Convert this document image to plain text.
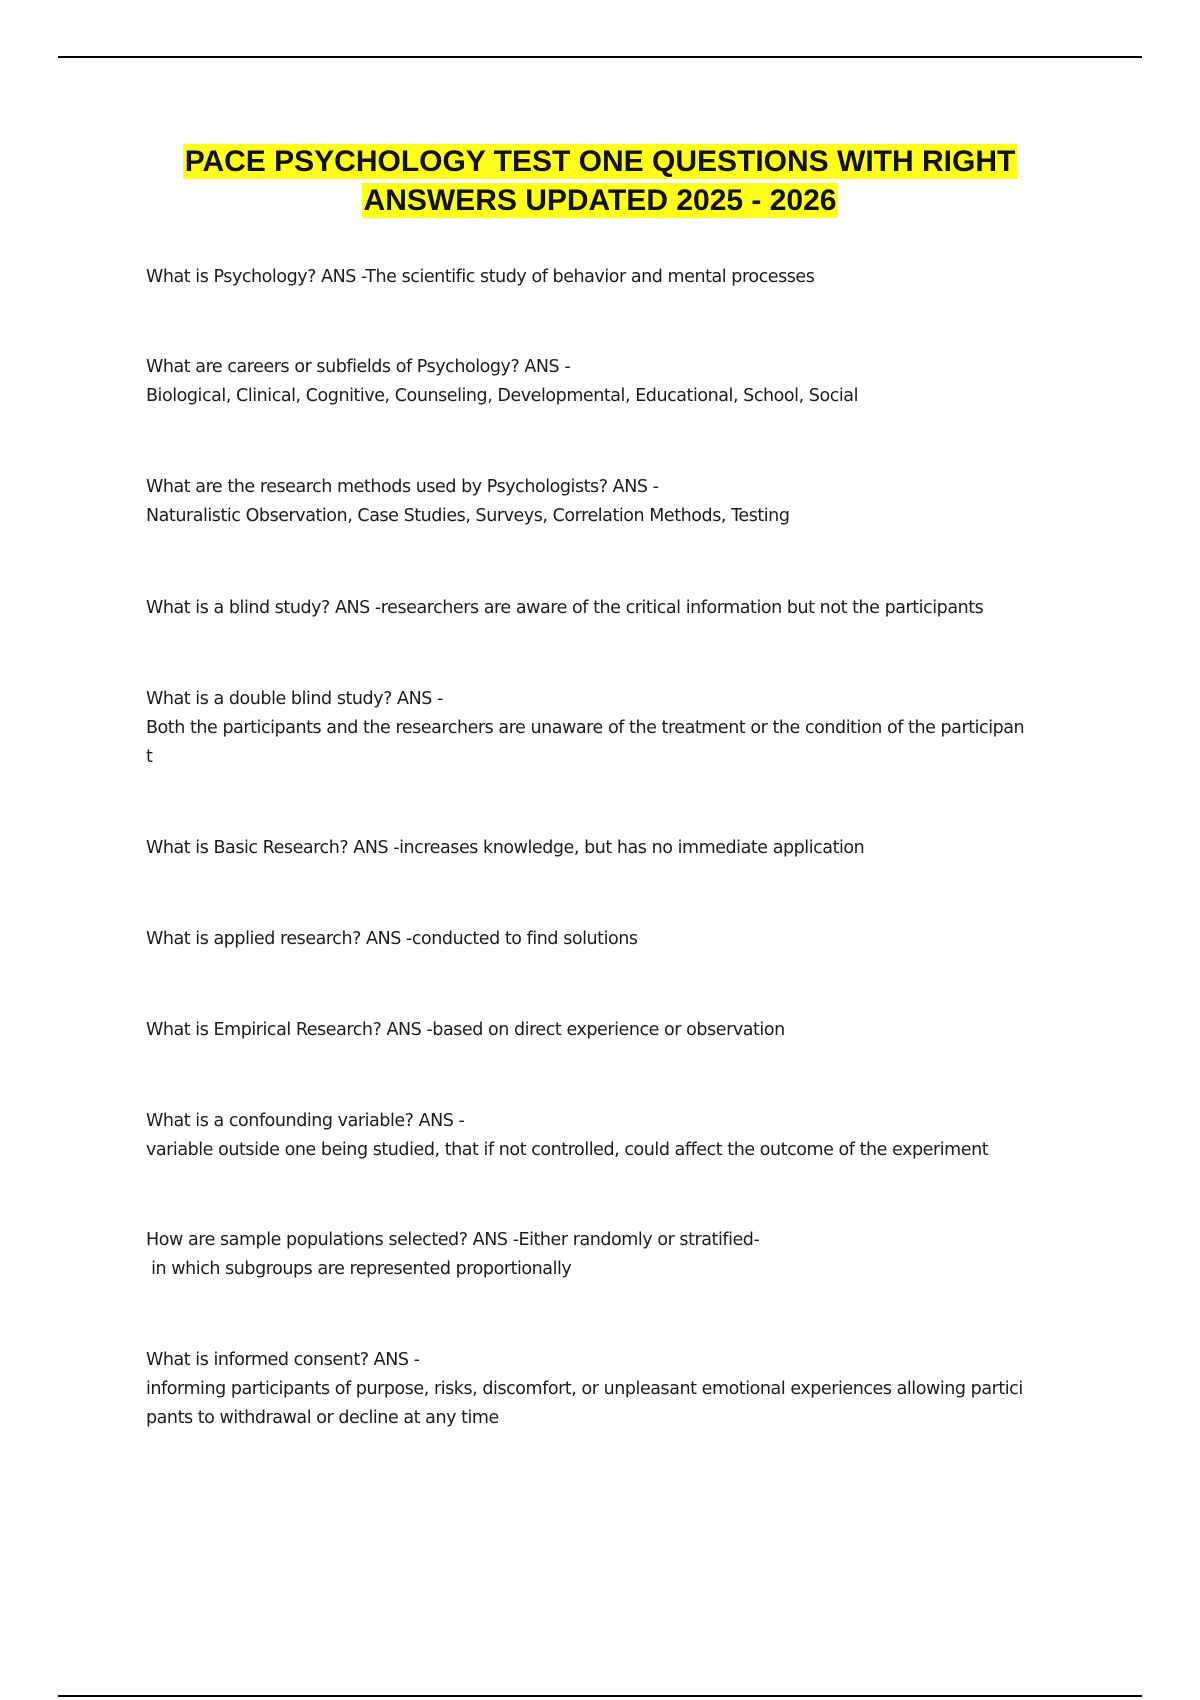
PACE PSYCHOLOGY TEST ONE QUESTIONS WITH RIGHT
ANSWERS UPDATED 2025 - 2026
What is Psychology? ANS -The scientific study of behavior and mental processes
What are careers or subfields of Psychology? ANS -
Biological, Clinical, Cognitive, Counseling, Developmental, Educational, School, Social
What are the research methods used by Psychologists? ANS -
Naturalistic Observation, Case Studies, Surveys, Correlation Methods, Testing
What is a blind study? ANS -researchers are aware of the critical information but not the participants
What is a double blind study? ANS -
Both the participants and the researchers are unaware of the treatment or the condition of the participan
t
What is Basic Research? ANS -increases knowledge, but has no immediate application
What is applied research? ANS -conducted to find solutions
What is Empirical Research? ANS -based on direct experience or observation
What is a confounding variable? ANS -
variable outside one being studied, that if not controlled, could affect the outcome of the experiment
How are sample populations selected? ANS -Either randomly or stratified-
in which subgroups are represented proportionally
What is informed consent? ANS -
informing participants of purpose, risks, discomfort, or unpleasant emotional experiences allowing partici
pants to withdrawal or decline at any time
